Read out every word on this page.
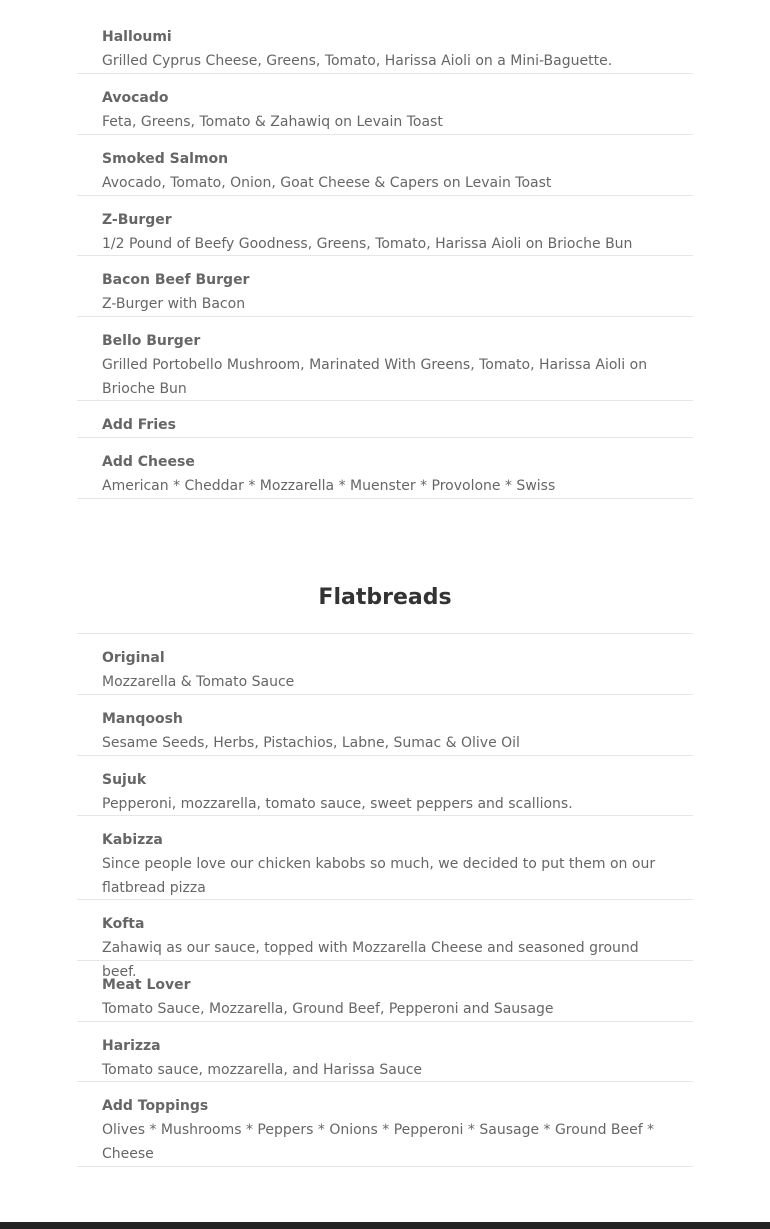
Halloumi
Grilled Cyprus Cheese, Greens, Tomato, Harissa Aioli on a Mini-Baguette.
Avocado
Feta, Greens, Tomato & Zahawiq on Levain Toast
Smoked Salmon
Avocado, Tomato, Onion, Goat Cheese & Capers on Levain Toast
Z-Burger
1/2 Pound of Beefy Goodness, Greens, Tomato, Harissa Aioli on Brioche Bun
Bacon Beef Burger
Z-Burger with Bacon
Bello Burger
Grilled Portobello Mushroom, Marinated With Greens, Tomato, Harissa Aioli on Brioche Bun
Add Fries
Add Cheese
American * Cheddar * Mozzarella * Muenster * Provolone * Swiss
Flatbreads
Original
Mozzarella & Tomato Sauce
Manqoosh
Sesame Seeds, Herbs, Pistachios, Labne, Sumac & Olive Oil
Sujuk
Pepperoni, mozzarella, tomato sauce, sweet peppers and scallions.
Kabizza
Since people love our chicken kabobs so much, we decided to put them on our flatbread pizza
Kofta
Zahawiq as our sauce, topped with Mozzarella Cheese and seasoned ground beef.
Meat Lover
Tomato Sauce, Mozzarella, Ground Beef, Pepperoni and Sausage
Harizza
Tomato sauce, mozzarella, and Harissa Sauce
Add Toppings
Olives * Mushrooms * Peppers * Onions * Pepperoni * Sausage * Ground Beef * Cheese
